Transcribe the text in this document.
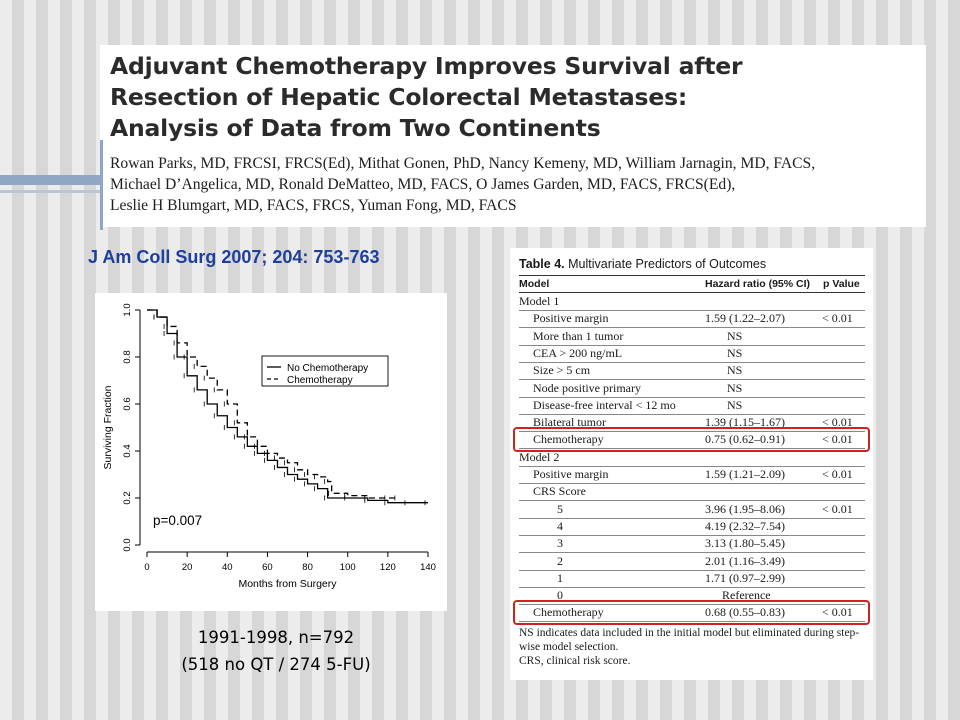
Adjuvant Chemotherapy Improves Survival after
Resection of Hepatic Colorectal Metastases:
Analysis of Data from Two Continents
Rowan Parks, MD, FRCSI, FRCS(Ed), Mithat Gonen, PhD, Nancy Kemeny, MD, William Jarnagin, MD, FACS,
Michael D’Angelica, MD, Ronald DeMatteo, MD, FACS, O James Garden, MD, FACS, FRCS(Ed),
Leslie H Blumgart, MD, FACS, FRCS, Yuman Fong, MD, FACS
J Am Coll Surg 2007; 204: 753-763
0	20	40	60	80	100	120	140
0.0
0.2
0.4
0.6
0.8
1.0
Months from Surgery
Surviving Fraction
No Chemotherapy
Chemotherapy
p=0.007
1991-1998, n=792
(518 no QT / 274 5-FU)
Table 4. Multivariate Predictors of Outcomes
Model	Hazard ratio (95% CI) p Value
Model 1
Positive margin	1.59 (1.22–2.07)	< 0.01
More than 1 tumor	NS
CEA > 200 ng/mL	NS
Size > 5 cm	NS
Node positive primary	NS
Disease-free interval < 12 mo	NS
Bilateral tumor	1.39 (1.15–1.67)	< 0.01
Chemotherapy	0.75 (0.62–0.91)	< 0.01
Model 2
Positive margin	1.59 (1.21–2.09)	< 0.01
CRS Score
5	3.96 (1.95–8.06)	< 0.01
4	4.19 (2.32–7.54)
3	3.13 (1.80–5.45)
2	2.01 (1.16–3.49)
1	1.71 (0.97–2.99)
0	Reference
Chemotherapy	0.68 (0.55–0.83)	< 0.01

NS indicates data included in the initial model but eliminated during step-

wise model selection.

CRS, clinical risk score.
